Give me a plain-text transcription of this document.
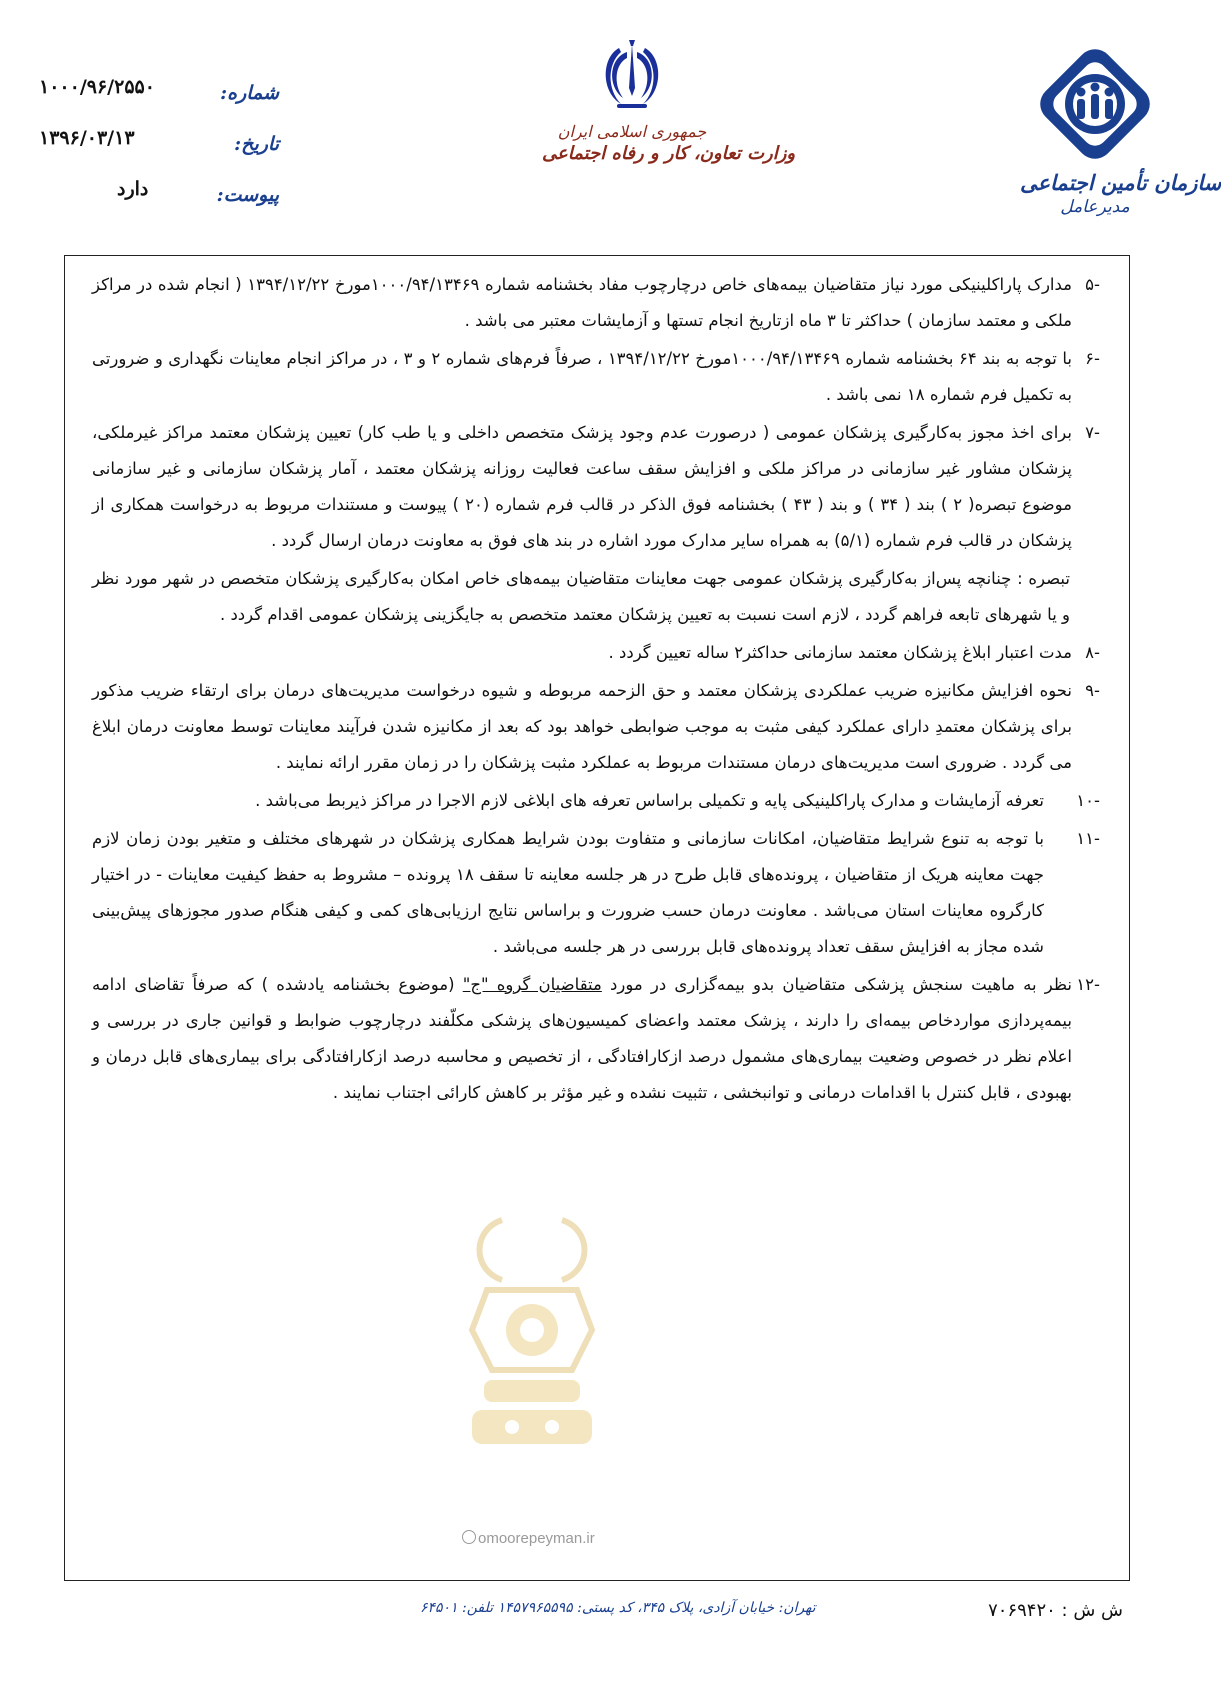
سازمان تأمین اجتماعی
مدیرعامل
جمهوری اسلامی ایران
وزارت تعاون، کار و رفاه اجتماعی
شماره:
۱۰۰۰/۹۶/۲۵۵۰
تاریخ:
۱۳۹۶/۰۳/۱۳
پیوست:
دارد
omoorepeyman.ir
-۵
مدارک پاراکلینیکی مورد نیاز متقاضیان بیمه‌های خاص درچارچوب مفاد بخشنامه شماره ۱۰۰۰/۹۴/۱۳۴۶۹مورخ ۱۳۹۴/۱۲/۲۲ ( انجام شده در مراکز ملکی و معتمد سازمان ) حداکثر تا ۳ ماه ازتاریخ انجام تستها و آزمایشات معتبر می باشد .
-۶
با توجه به بند ۶۴ بخشنامه شماره ۱۰۰۰/۹۴/۱۳۴۶۹مورخ ۱۳۹۴/۱۲/۲۲ ، صرفاً فرم‌های شماره ۲ و ۳ ، در مراکز انجام معاینات نگهداری و ضرورتی به تکمیل فرم شماره ۱۸ نمی باشد .
-۷
برای اخذ مجوز به‌کارگیری پزشکان عمومی ( درصورت عدم وجود پزشک متخصص داخلی و یا طب کار) تعیین پزشکان معتمد مراکز غیرملکی، پزشکان مشاور غیر سازمانی در مراکز ملکی و افزایش سقف ساعت فعالیت روزانه پزشکان معتمد ، آمار پزشکان سازمانی و غیر سازمانی موضوع تبصره( ۲ ) بند ( ۳۴ ) و بند ( ۴۳ ) بخشنامه فوق الذکر در قالب فرم شماره (۲۰ ) پیوست و مستندات مربوط به درخواست همکاری از پزشکان در قالب فرم شماره (۵/۱) به همراه سایر مدارک مورد اشاره در بند های فوق به معاونت درمان ارسال گردد .
تبصره : چنانچه پس‌از به‌کارگیری پزشکان عمومی جهت معاینات متقاضیان بیمه‌های خاص امکان به‌کارگیری پزشکان متخصص در شهر مورد نظر و یا شهرهای تابعه فراهم گردد ، لازم است نسبت به تعیین پزشکان معتمد متخصص به جایگزینی پزشکان عمومی اقدام گردد .
-۸
مدت اعتبار ابلاغ پزشکان معتمد سازمانی حداکثر۲ ساله تعیین گردد .
-۹
نحوه افزایش مکانیزه ضریب عملکردی پزشکان معتمد و حق الزحمه مربوطه و شیوه درخواست مدیریت‌های درمان برای ارتقاء ضریب مذکور برای پزشکان معتمدِ دارای عملکرد کیفی مثبت به موجب ضوابطی خواهد بود که بعد از مکانیزه شدن فرآیند معاینات توسط معاونت درمان ابلاغ می گردد . ضروری است مدیریت‌های درمان مستندات مربوط به عملکرد مثبت پزشکان را در زمان مقرر ارائه نمایند .
-۱۰
تعرفه آزمایشات و مدارک پاراکلینیکی پایه و تکمیلی براساس تعرفه های ابلاغی لازم الاجرا در مراکز ذیربط می‌باشد .
-۱۱
با توجه به تنوع شرایط متقاضیان، امکانات سازمانی و متفاوت بودن شرایط همکاری پزشکان در شهرهای مختلف و متغیر بودن زمان لازم جهت معاینه هریک از متقاضیان ، پرونده‌های قابل طرح در هر جلسه معاینه تا سقف ۱۸ پرونده – مشروط به حفظ کیفیت معاینات - در اختیار کارگروه معاینات استان می‌باشد . معاونت درمان حسب ضرورت و براساس نتایج ارزیابی‌های کمی و کیفی هنگام صدور مجوزهای پیش‌بینی شده مجاز به افزایش سقف تعداد پرونده‌های قابل بررسی در هر جلسه می‌باشد .
-۱۲
نظر به ماهیت سنجش پزشکی متقاضیان بدو بیمه‌گزاری در مورد متقاضیان گروه "ج" (موضوع بخشنامه یادشده ) که صرفاً تقاضای ادامه بیمه‌پردازی مواردخاص بیمه‌ای را دارند ، پزشک معتمد واعضای کمیسیون‌های پزشکی مکلّفند درچارچوب ضوابط و قوانین جاری در بررسی و اعلام نظر در خصوص وضعیت بیماری‌های مشمول درصد ازکارافتادگی ، از تخصیص و محاسبه درصد ازکارافتادگی برای بیماری‌های قابل درمان و بهبودی ، قابل کنترل با اقدامات درمانی و توانبخشی ، تثبیت نشده و غیر مؤثر بر کاهش کارائی اجتناب نمایند .
ش ش : ۷۰۶۹۴۲۰
تهران: خیابان آزادی، پلاک ۳۴۵، کد پستی: ۱۴۵۷۹۶۵۵۹۵ تلفن: ۶۴۵۰۱
